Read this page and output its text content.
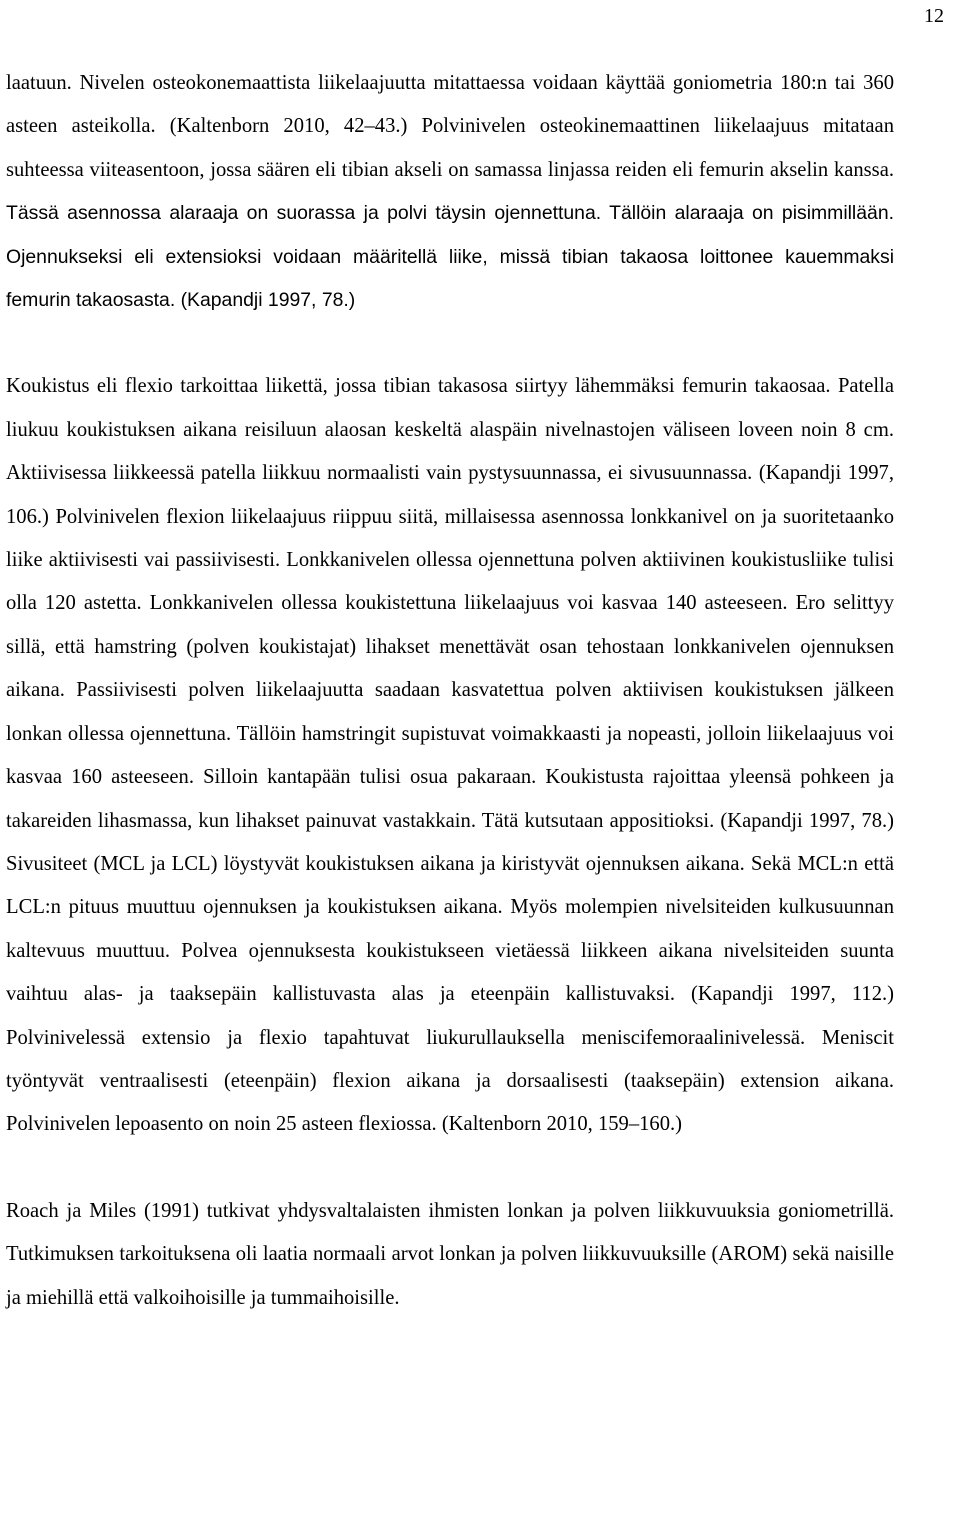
12

laatuun. Nivelen osteokonemaattista liikelaajuutta mitattaessa voidaan käyttää goniometria 180:n tai 360 asteen asteikolla. (Kaltenborn 2010, 42–43.) Polvinivelen osteokinemaattinen liikelaajuus mitataan suhteessa viiteasentoon, jossa säären eli tibian akseli on samassa linjassa reiden eli femurin akselin kanssa. Tässä asennossa alaraaja on suorassa ja polvi täysin ojennettuna. Tällöin alaraaja on pisimmillään. Ojennukseksi eli extensioksi voidaan määritellä liike, missä tibian takaosa loittonee kauemmaksi femurin takaosasta. (Kapandji 1997, 78.)

Koukistus eli flexio tarkoittaa liikettä, jossa tibian takasosa siirtyy lähemmäksi femurin takaosaa. Patella liukuu koukistuksen aikana reisiluun alaosan keskeltä alaspäin nivelnastojen väliseen loveen noin 8 cm. Aktiivisessa liikkeessä patella liikkuu normaalisti vain pystysuunnassa, ei sivusuunnassa. (Kapandji 1997, 106.) Polvinivelen flexion liikelaajuus riippuu siitä, millaisessa asennossa lonkkanivel on ja suoritetaanko liike aktiivisesti vai passiivisesti. Lonkkanivelen ollessa ojennettuna polven aktiivinen koukistusliike tulisi olla 120 astetta. Lonkkanivelen ollessa koukistettuna liikelaajuus voi kasvaa 140 asteeseen. Ero selittyy sillä, että hamstring (polven koukistajat) lihakset menettävät osan tehostaan lonkkanivelen ojennuksen aikana. Passiivisesti polven liikelaajuutta saadaan kasvatettua polven aktiivisen koukistuksen jälkeen lonkan ollessa ojennettuna. Tällöin hamstringit supistuvat voimakkaasti ja nopeasti, jolloin liikelaajuus voi kasvaa 160 asteeseen. Silloin kantapään tulisi osua pakaraan. Koukistusta rajoittaa yleensä pohkeen ja takareiden lihasmassa, kun lihakset painuvat vastakkain. Tätä kutsutaan appositioksi. (Kapandji 1997, 78.) Sivusiteet (MCL ja LCL) löystyvät koukistuksen aikana ja kiristyvät ojennuksen aikana. Sekä MCL:n että LCL:n pituus muuttuu ojennuksen ja koukistuksen aikana. Myös molempien nivelsiteiden kulkusuunnan kaltevuus muuttuu. Polvea ojennuksesta koukistukseen vietäessä liikkeen aikana nivelsiteiden suunta vaihtuu alas- ja taaksepäin kallistuvasta alas ja eteenpäin kallistuvaksi. (Kapandji 1997, 112.) Polvinivelessä extensio ja flexio tapahtuvat liukurullauksella meniscifemoraalinivelessä. Meniscit työntyvät ventraalisesti (eteenpäin) flexion aikana ja dorsaalisesti (taaksepäin) extension aikana. Polvinivelen lepoasento on noin 25 asteen flexiossa. (Kaltenborn 2010, 159–160.)

Roach ja Miles (1991) tutkivat yhdysvaltalaisten ihmisten lonkan ja polven liikkuvuuksia goniometrillä. Tutkimuksen tarkoituksena oli laatia normaali arvot lonkan ja polven liikkuvuuksille (AROM) sekä naisille ja miehillä että valkoihoisille ja tummaihoisille.
